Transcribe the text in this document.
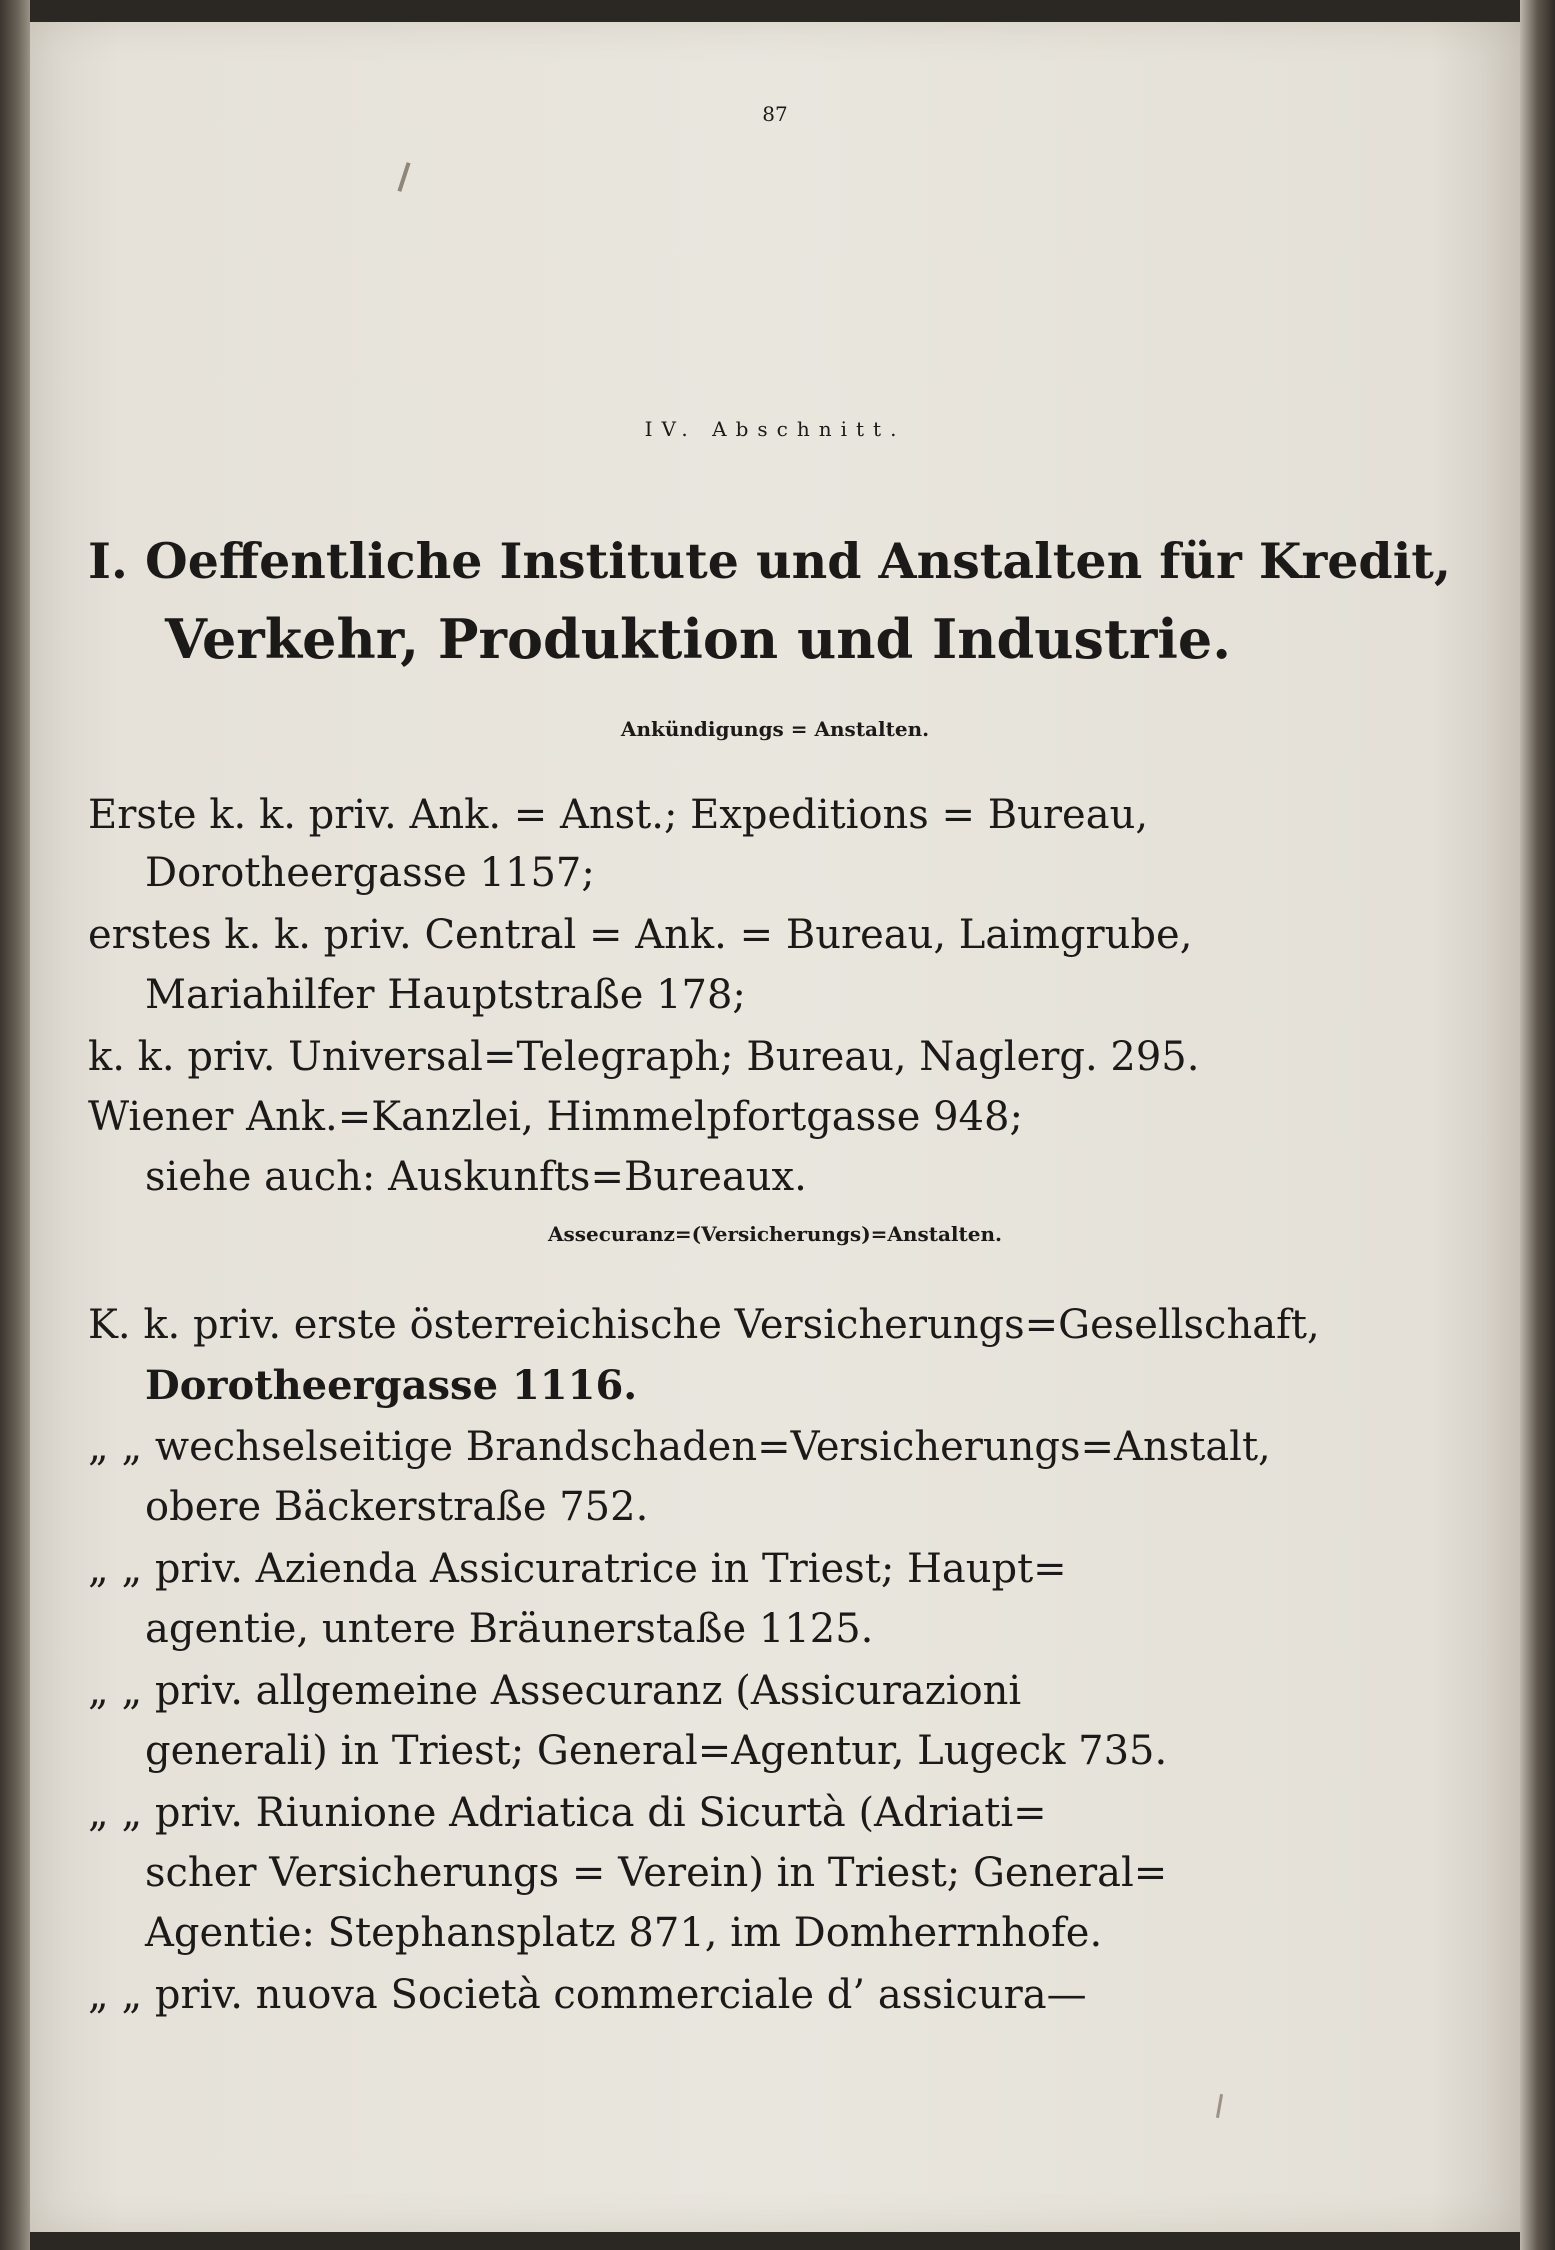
87
IV. Abschnitt.
I. Oeffentliche Institute und Anstalten für Kredit,
Verkehr, Produktion und Industrie.
Ankündigungs = Anstalten.
Erste k. k. priv. Ank. = Anst.; Expeditions = Bureau,
Dorotheergasse 1157;
erstes k. k. priv. Central = Ank. = Bureau, Laimgrube,
Mariahilfer Hauptstraße 178;
k. k. priv. Universal=Telegraph; Bureau, Naglerg. 295.
Wiener Ank.=Kanzlei, Himmelpfortgasse 948;
siehe auch: Auskunfts=Bureaux.
Assecuranz=(Versicherungs)=Anstalten.
K. k. priv. erste österreichische Versicherungs=Gesellschaft,
Dorotheergasse 1116.
„ „ wechselseitige Brandschaden=Versicherungs=Anstalt,
obere Bäckerstraße 752.
„ „ priv. Azienda Assicuratrice in Triest; Haupt=
agentie, untere Bräunerstaße 1125.
„ „ priv. allgemeine Assecuranz (Assicurazioni
generali) in Triest; General=Agentur, Lugeck 735.
„ „ priv. Riunione Adriatica di Sicurtà (Adriati=
scher Versicherungs = Verein) in Triest; General=
Agentie: Stephansplatz 871, im Domherrnhofe.
„ „ priv. nuova Società commerciale d’ assicura—
